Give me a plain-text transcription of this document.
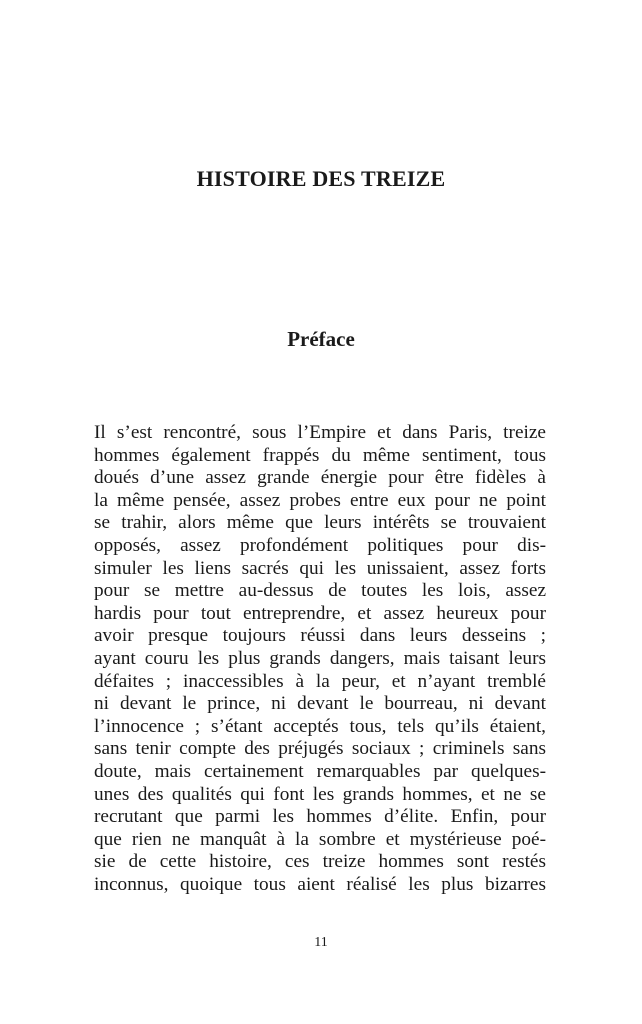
HISTOIRE DES TREIZE
Préface
Il s’est rencontré, sous l’Empire et dans Paris, treize
hommes également frappés du même sentiment, tous
doués d’une assez grande énergie pour être fidèles à
la même pensée, assez probes entre eux pour ne point
se trahir, alors même que leurs intérêts se trouvaient
opposés, assez profondément politiques pour dis-
simuler les liens sacrés qui les unissaient, assez forts
pour se mettre au-dessus de toutes les lois, assez
hardis pour tout entreprendre, et assez heureux pour
avoir presque toujours réussi dans leurs desseins ;
ayant couru les plus grands dangers, mais taisant leurs
défaites ; inaccessibles à la peur, et n’ayant tremblé
ni devant le prince, ni devant le bourreau, ni devant
l’innocence ; s’étant acceptés tous, tels qu’ils étaient,
sans tenir compte des préjugés sociaux ; criminels sans
doute, mais certainement remarquables par quelques-
unes des qualités qui font les grands hommes, et ne se
recrutant que parmi les hommes d’élite. Enfin, pour
que rien ne manquât à la sombre et mystérieuse poé-
sie de cette histoire, ces treize hommes sont restés
inconnus, quoique tous aient réalisé les plus bizarres
11
